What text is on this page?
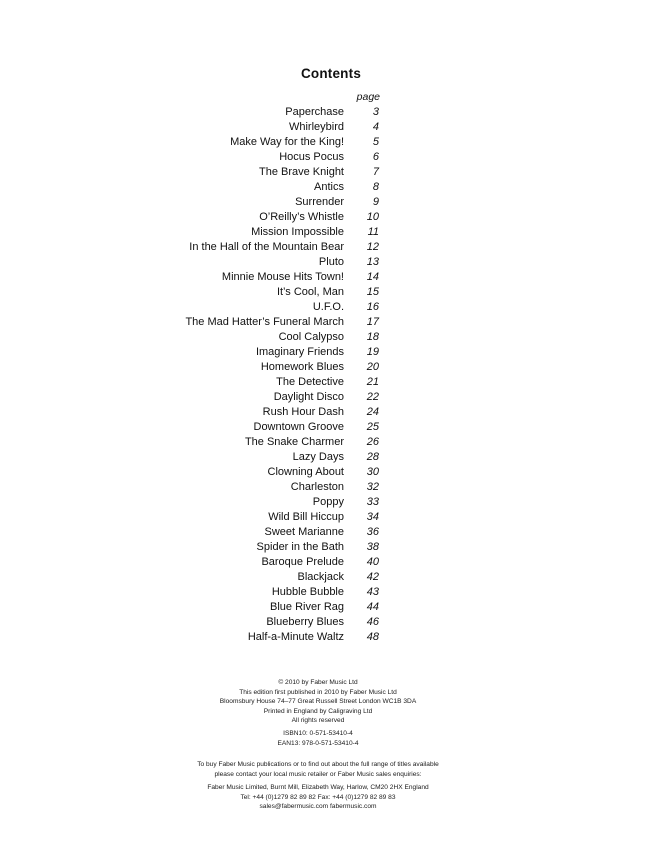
Contents
page
Paperchase	3
Whirleybird	4
Make Way for the King!	5
Hocus Pocus	6
The Brave Knight	7
Antics	8
Surrender	9
O’Reilly’s Whistle	10
Mission Impossible	11
In the Hall of the Mountain Bear	12
Pluto	13
Minnie Mouse Hits Town!	14
It’s Cool, Man	15
U.F.O.	16
The Mad Hatter’s Funeral March	17
Cool Calypso	18
Imaginary Friends	19
Homework Blues	20
The Detective	21
Daylight Disco	22
Rush Hour Dash	24
Downtown Groove	25
The Snake Charmer	26
Lazy Days	28
Clowning About	30
Charleston	32
Poppy	33
Wild Bill Hiccup	34
Sweet Marianne	36
Spider in the Bath	38
Baroque Prelude	40
Blackjack	42
Hubble Bubble	43
Blue River Rag	44
Blueberry Blues	46
Half-a-Minute Waltz	48
© 2010 by Faber Music Ltd
This edition first published in 2010 by Faber Music Ltd
Bloomsbury House 74–77 Great Russell Street London WC1B 3DA
Printed in England by Caligraving Ltd
All rights reserved
ISBN10: 0-571-53410-4
EAN13: 978-0-571-53410-4
To buy Faber Music publications or to find out about the full range of titles available
please contact your local music retailer or Faber Music sales enquiries:
Faber Music Limited, Burnt Mill, Elizabeth Way, Harlow, CM20 2HX England
Tel: +44 (0)1279 82 89 82 Fax: +44 (0)1279 82 89 83
sales@fabermusic.com fabermusic.com
